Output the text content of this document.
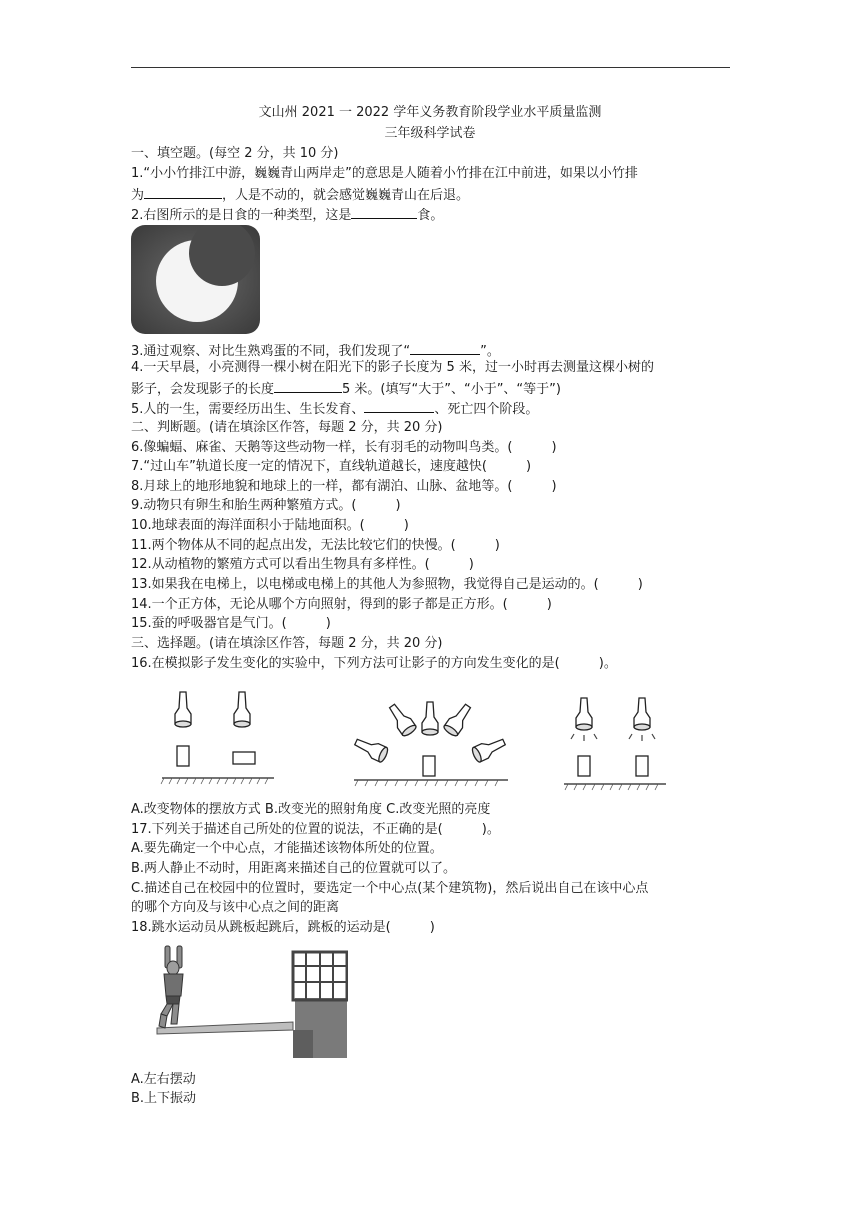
文山州 2021 一 2022 学年义务教育阶段学业水平质量监测
三年级科学试卷
一、填空题。(每空 2 分，共 10 分)
1.“小小竹排江中游，巍巍青山两岸走”的意思是人随着小竹排在江中前进，如果以小竹排
为	，人是不动的，就会感觉巍巍青山在后退。
2.右图所示的是日食的一种类型，这是	食。
3.通过观察、对比生熟鸡蛋的不同，我们发现了“	”。
4.一天早晨，小亮测得一棵小树在阳光下的影子长度为 5 米，过一小时再去测量这棵小树的
影子，会发现影子的长度	5 米。(填写“大于”、“小于”、“等于”)
5.人的一生，需要经历出生、生长发育、	、死亡四个阶段。
二、判断题。(请在填涂区作答，每题 2 分，共 20 分)
6.像蝙蝠、麻雀、天鹅等这些动物一样，长有羽毛的动物叫鸟类。(　　　)
7.“过山车”轨道长度一定的情况下，直线轨道越长，速度越快(　　　)
8.月球上的地形地貌和地球上的一样，都有湖泊、山脉、盆地等。(　　　)
9.动物只有卵生和胎生两种繁殖方式。(　　　)
10.地球表面的海洋面积小于陆地面积。(　　　)
11.两个物体从不同的起点出发，无法比较它们的快慢。(　　　)
12.从动植物的繁殖方式可以看出生物具有多样性。(　　　)
13.如果我在电梯上，以电梯或电梯上的其他人为参照物，我觉得自己是运动的。(　　　)
14.一个正方体，无论从哪个方向照射，得到的影子都是正方形。(　　　)
15.蚕的呼吸器官是气门。(　　　)
三、选择题。(请在填涂区作答，每题 2 分，共 20 分)
16.在模拟影子发生变化的实验中，下列方法可让影子的方向发生变化的是(　　　)。
A.改变物体的摆放方式 B.改变光的照射角度 C.改变光照的亮度
17.下列关于描述自己所处的位置的说法，不正确的是(　　　)。
A.要先确定一个中心点，才能描述该物体所处的位置。
B.两人静止不动时，用距离来描述自己的位置就可以了。
C.描述自己在校园中的位置时，要选定一个中心点(某个建筑物)，然后说出自己在该中心点
的哪个方向及与该中心点之间的距离
18.跳水运动员从跳板起跳后，跳板的运动是(　　　)
A.左右摆动
B.上下振动
